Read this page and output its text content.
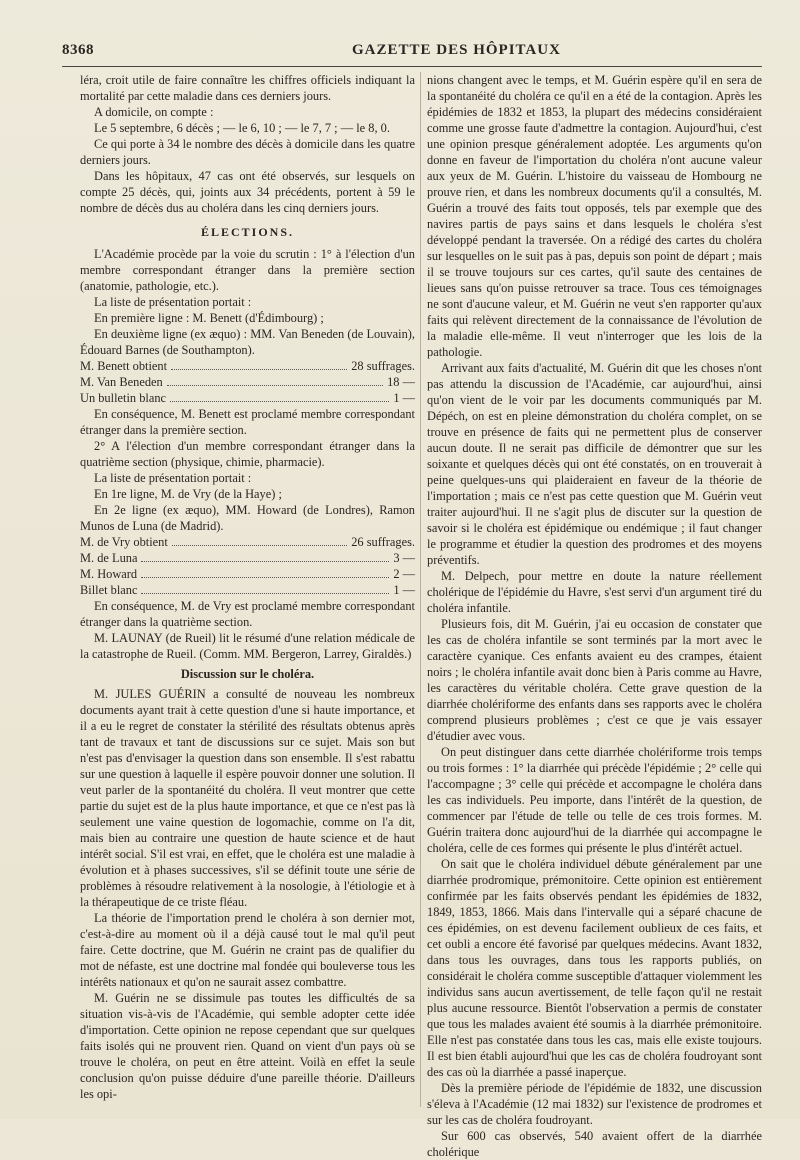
8368	GAZETTE DES HÔPITAUX

léra, croit utile de faire connaître les chiffres officiels indiquant la mortalité par cette maladie dans ces derniers jours.

A domicile, on compte :

Le 5 septembre, 6 décès ; — le 6, 10 ; — le 7, 7 ; — le 8, 0.

Ce qui porte à 34 le nombre des décès à domicile dans les quatre derniers jours.

Dans les hôpitaux, 47 cas ont été observés, sur lesquels on compte 25 décès, qui, joints aux 34 précédents, portent à 59 le nombre de décès dus au choléra dans les cinq derniers jours.

ÉLECTIONS.

L'Académie procède par la voie du scrutin : 1° à l'élection d'un membre correspondant étranger dans la première section (anatomie, pathologie, etc.).

La liste de présentation portait :

En première ligne : M. Benett (d'Édimbourg) ;

En deuxième ligne (ex æquo) : MM. Van Beneden (de Louvain), Édouard Barnes (de Southampton).

M. Benett obtient	28 suffrages.
M. Van Beneden	18 —
Un bulletin blanc	1 —

En conséquence, M. Benett est proclamé membre correspondant étranger dans la première section.

2° A l'élection d'un membre correspondant étranger dans la quatrième section (physique, chimie, pharmacie).

La liste de présentation portait :

En 1re ligne, M. de Vry (de la Haye) ;

En 2e ligne (ex æquo), MM. Howard (de Londres), Ramon Munos de Luna (de Madrid).

M. de Vry obtient	26 suffrages.
M. de Luna	3 —
M. Howard	2 —
Billet blanc	1 —

En conséquence, M. de Vry est proclamé membre correspondant étranger dans la quatrième section.

M. LAUNAY (de Rueil) lit le résumé d'une relation médicale de la catastrophe de Rueil. (Comm. MM. Bergeron, Larrey, Giraldès.)

Discussion sur le choléra.

M. JULES GUÉRIN a consulté de nouveau les nombreux documents ayant trait à cette question d'une si haute importance, et il a eu le regret de constater la stérilité des résultats obtenus après tant de travaux et tant de discussions sur ce sujet. Mais son but n'est pas d'envisager la question dans son ensemble. Il s'est rabattu sur une question à laquelle il espère pouvoir donner une solution. Il veut parler de la spontanéité du choléra. Il veut montrer que cette partie du sujet est de la plus haute importance, et que ce n'est pas là seulement une vaine question de logomachie, comme on l'a dit, mais bien au contraire une question de haute science et de haut intérêt social. S'il est vrai, en effet, que le choléra est une maladie à évolution et à phases successives, s'il se définit toute une série de problèmes à résoudre relativement à la nosologie, à l'étiologie et à la thérapeutique de ce triste fléau.

La théorie de l'importation prend le choléra à son dernier mot, c'est-à-dire au moment où il a déjà causé tout le mal qu'il peut faire. Cette doctrine, que M. Guérin ne craint pas de qualifier du mot de néfaste, est une doctrine mal fondée qui bouleverse tous les intérêts nationaux et qu'on ne saurait assez combattre.

M. Guérin ne se dissimule pas toutes les difficultés de sa situation vis-à-vis de l'Académie, qui semble adopter cette idée d'importation. Cette opinion ne repose cependant que sur quelques faits isolés qui ne prouvent rien. Quand on vient d'un pays où se trouve le choléra, on peut en être atteint. Voilà en effet la seule conclusion qu'on puisse déduire d'une pareille théorie. D'ailleurs les opi-

nions changent avec le temps, et M. Guérin espère qu'il en sera de la spontanéité du choléra ce qu'il en a été de la contagion. Après les épidémies de 1832 et 1853, la plupart des médecins considéraient comme une grosse faute d'admettre la contagion. Aujourd'hui, c'est une opinion presque généralement adoptée. Les arguments qu'on donne en faveur de l'importation du choléra n'ont aucune valeur aux yeux de M. Guérin. L'histoire du vaisseau de Hombourg ne prouve rien, et dans les nombreux documents qu'il a consultés, M. Guérin a trouvé des faits tout opposés, tels par exemple que des navires partis de pays sains et dans lesquels le choléra s'est développé pendant la traversée. On a rédigé des cartes du choléra sur lesquelles on le suit pas à pas, depuis son point de départ ; mais il se trouve toujours sur ces cartes, qu'il saute des centaines de lieues sans qu'on puisse retrouver sa trace. Tous ces témoignages ne sont d'aucune valeur, et M. Guérin ne veut s'en rapporter qu'aux faits qui relèvent directement de la connaissance de l'évolution de la maladie elle-même. Il veut n'interroger que les lois de la pathologie.

Arrivant aux faits d'actualité, M. Guérin dit que les choses n'ont pas attendu la discussion de l'Académie, car aujourd'hui, ainsi qu'on vient de le voir par les documents communiqués par M. Dépéch, on est en pleine démonstration du choléra complet, on se trouve en présence de faits qui ne permettent plus de conserver aucun doute. Il ne serait pas difficile de démontrer que sur les soixante et quelques décès qui ont été constatés, on en trouverait à peine quelques-uns qui plaideraient en faveur de la théorie de l'importation ; mais ce n'est pas cette question que M. Guérin veut traiter aujourd'hui. Il ne s'agit plus de discuter sur la question de savoir si le choléra est épidémique ou endémique ; il faut changer le programme et étudier la question des prodromes et des moyens préventifs.

M. Delpech, pour mettre en doute la nature réellement cholérique de l'épidémie du Havre, s'est servi d'un argument tiré du choléra infantile.

Plusieurs fois, dit M. Guérin, j'ai eu occasion de constater que les cas de choléra infantile se sont terminés par la mort avec le caractère cyanique. Ces enfants avaient eu des crampes, étaient noirs ; le choléra infantile avait donc bien à Paris comme au Havre, les caractères du véritable choléra. Cette grave question de la diarrhée cholériforme des enfants dans ses rapports avec le choléra comprend plusieurs problèmes ; c'est ce que je vais essayer d'étudier avec vous.

On peut distinguer dans cette diarrhée cholériforme trois temps ou trois formes : 1° la diarrhée qui précède l'épidémie ; 2° celle qui l'accompagne ; 3° celle qui précède et accompagne le choléra dans les cas individuels. Peu importe, dans l'intérêt de la question, de commencer par l'étude de telle ou telle de ces trois formes. M. Guérin traitera donc aujourd'hui de la diarrhée qui accompagne le choléra, celle de ces formes qui présente le plus d'intérêt actuel.

On sait que le choléra individuel débute généralement par une diarrhée prodromique, prémonitoire. Cette opinion est entièrement confirmée par les faits observés pendant les épidémies de 1832, 1849, 1853, 1866. Mais dans l'intervalle qui a séparé chacune de ces épidémies, on est devenu facilement oublieux de ces faits, et cet oubli a encore été favorisé par quelques médecins. Avant 1832, dans tous les ouvrages, dans tous les rapports publiés, on considérait le choléra comme susceptible d'attaquer violemment les individus sans aucun avertissement, de telle façon qu'il ne restait plus aucune ressource. Bientôt l'observation a permis de constater que tous les malades avaient été soumis à la diarrhée prémonitoire. Elle n'est pas constatée dans tous les cas, mais elle existe toujours. Il est bien établi aujourd'hui que les cas de choléra foudroyant sont des cas où la diarrhée a passé inaperçue.

Dès la première période de l'épidémie de 1832, une discussion s'éleva à l'Académie (12 mai 1832) sur l'existence de prodromes et sur les cas de choléra foudroyant.

Sur 600 cas observés, 540 avaient offert de la diarrhée cholérique
